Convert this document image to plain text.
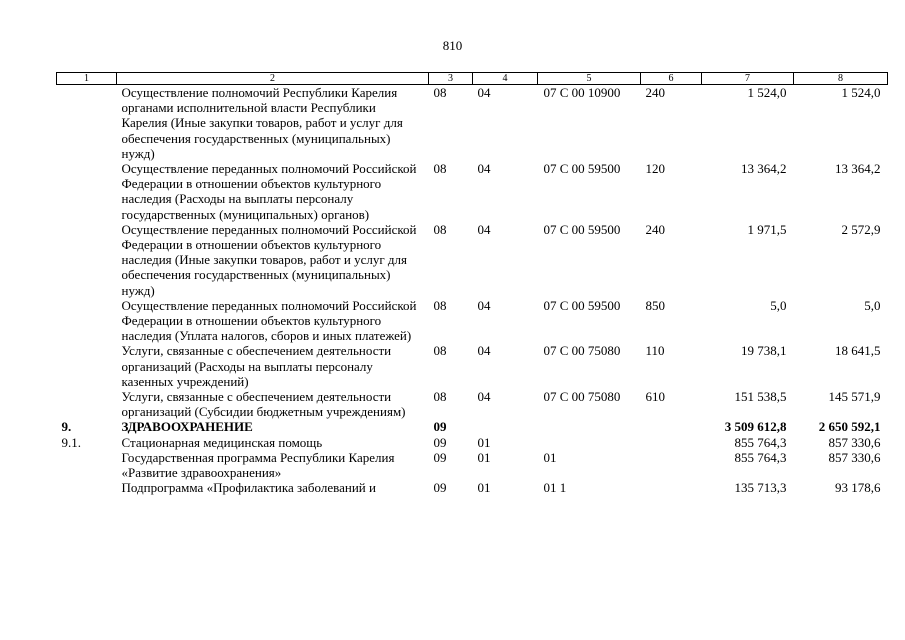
810
1	2	3	4	5	6	7	8
	Осуществление полномочий Республики Карелия органами исполнительной власти Республики Карелия (Иные закупки товаров, работ и услуг для обеспечения государственных (муниципальных) нужд)	08	04	07 С 00 10900	240	1 524,0	1 524,0
	Осуществление переданных полномочий Российской Федерации в отношении объектов культурного наследия (Расходы на выплаты персоналу государственных (муниципальных) органов)	08	04	07 С 00 59500	120	13 364,2	13 364,2
	Осуществление переданных полномочий Российской Федерации в отношении объектов культурного наследия (Иные закупки товаров, работ и услуг для обеспечения государственных (муниципальных) нужд)	08	04	07 С 00 59500	240	1 971,5	2 572,9
	Осуществление переданных полномочий Российской Федерации в отношении объектов культурного наследия (Уплата налогов, сборов и иных платежей)	08	04	07 С 00 59500	850	5,0	5,0
	Услуги, связанные с обеспечением деятельности организаций (Расходы на выплаты персоналу казенных учреждений)	08	04	07 С 00 75080	110	19 738,1	18 641,5
	Услуги, связанные с обеспечением деятельности организаций (Субсидии бюджетным учреждениям)	08	04	07 С 00 75080	610	151 538,5	145 571,9
9.	ЗДРАВООХРАНЕНИЕ	09				3 509 612,8	2 650 592,1
9.1.	Стационарная медицинская помощь	09	01			855 764,3	857 330,6
	Государственная программа Республики Карелия «Развитие здравоохранения»	09	01	01		855 764,3	857 330,6
	Подпрограмма «Профилактика заболеваний и	09	01	01 1		135 713,3	93 178,6
